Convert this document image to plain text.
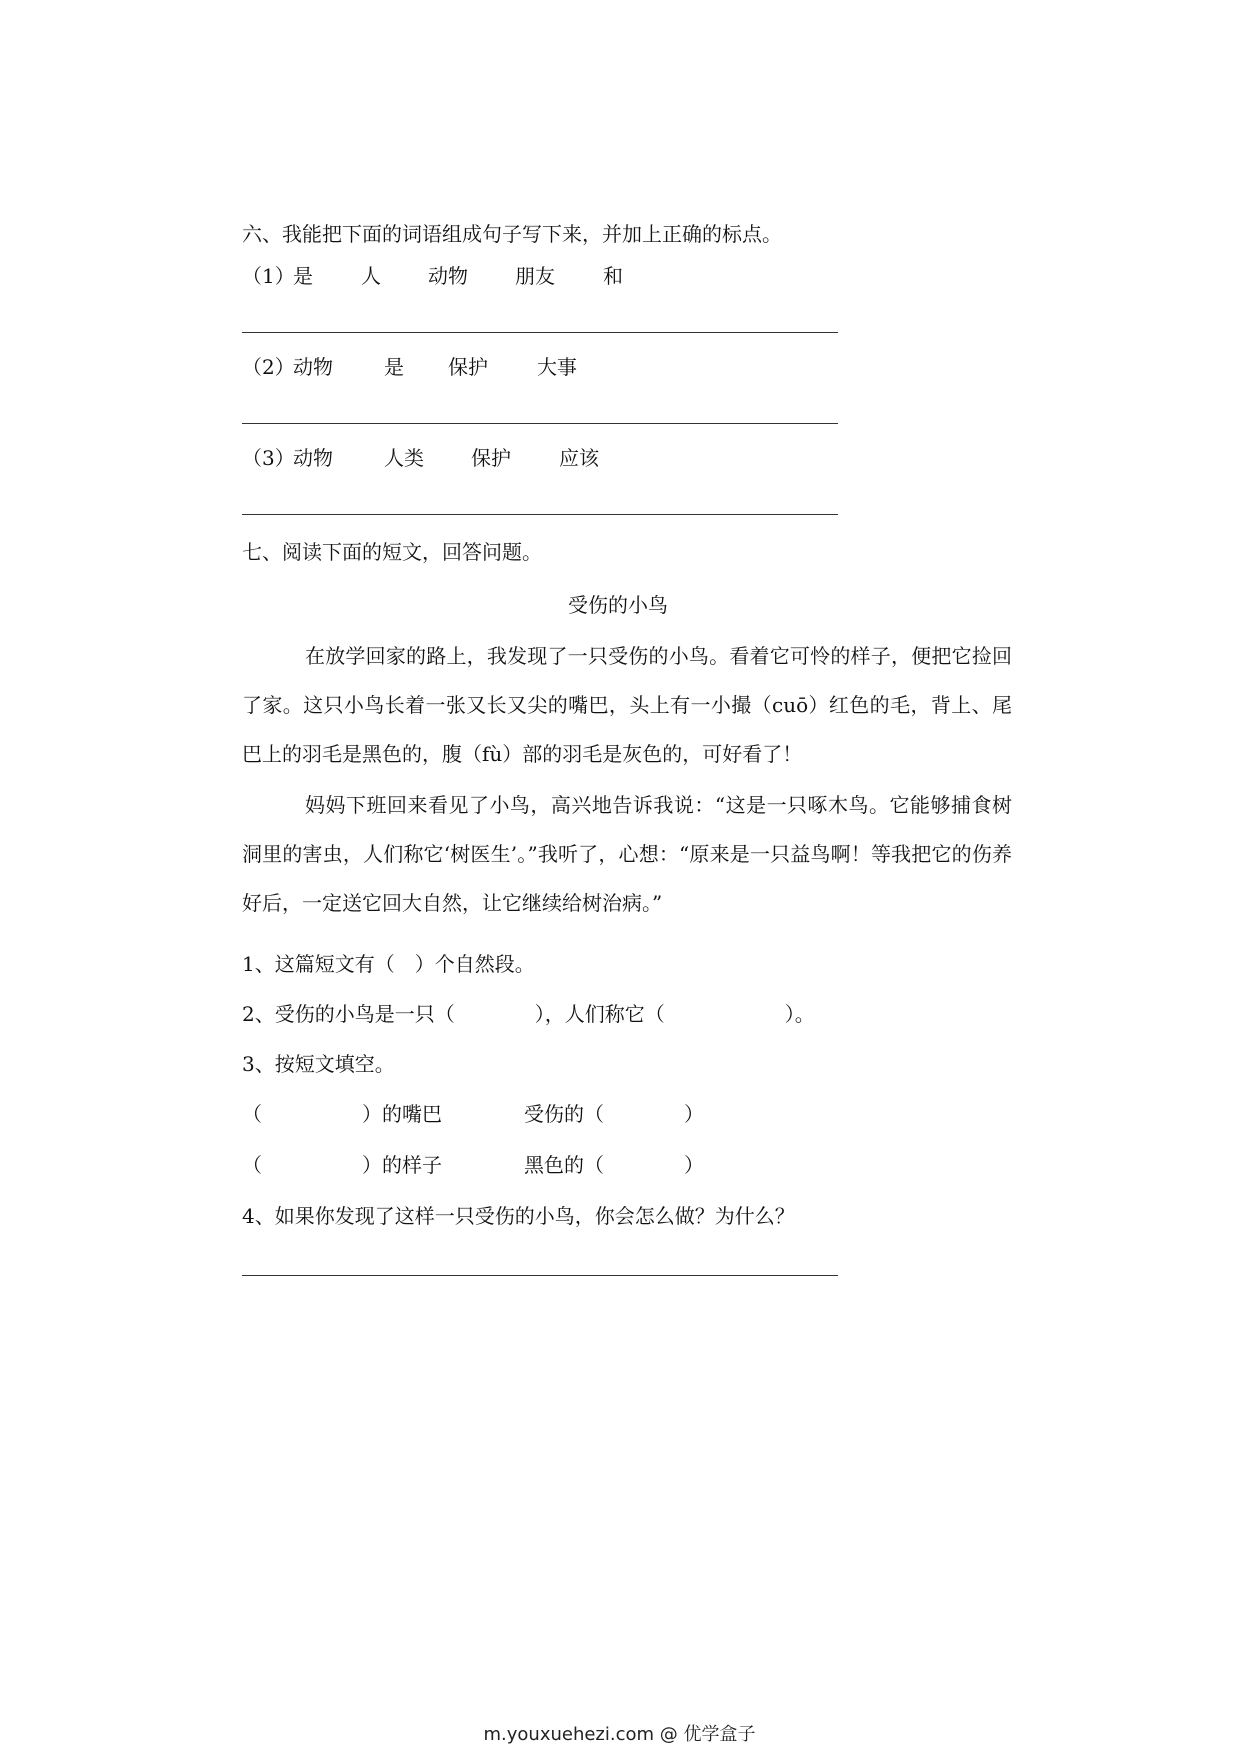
六、我能把下面的词语组成句子写下来，并加上正确的标点。
（1）
是 人 动物 朋友 和
（2）
动物	是 保护 大事
（3）
动物	人类 保护 应该
七、阅读下面的短文，回答问题。
受伤的小鸟
在放学回家的路上，我发现了一只受伤的小鸟。看着它可怜的样子，便把它捡回了家。这只小鸟长着一张又长又尖的嘴巴，头上有一小撮（cuō）红色的毛，背上、尾巴上的羽毛是黑色的，腹（fù）部的羽毛是灰色的，可好看了！
妈妈下班回来看见了小鸟，高兴地告诉我说：“这是一只啄木鸟。它能够捕食树洞里的害虫，人们称它‘树医生’。”我听了，心想：“原来是一只益鸟啊！等我把它的伤养好后，一定送它回大自然，让它继续给树治病。”
1、这篇短文有（　）个自然段。
2、受伤的小鸟是一只（　　　　），人们称它（　　　　　　）。
3、按短文填空。
（　　　　　）的嘴巴	受伤的（　　　　）
（　　　　　）的样子	黑色的（　　　　）
4、如果你发现了这样一只受伤的小鸟，你会怎么做？为什么？
m.youxuehezi.com @ 优学盒子
